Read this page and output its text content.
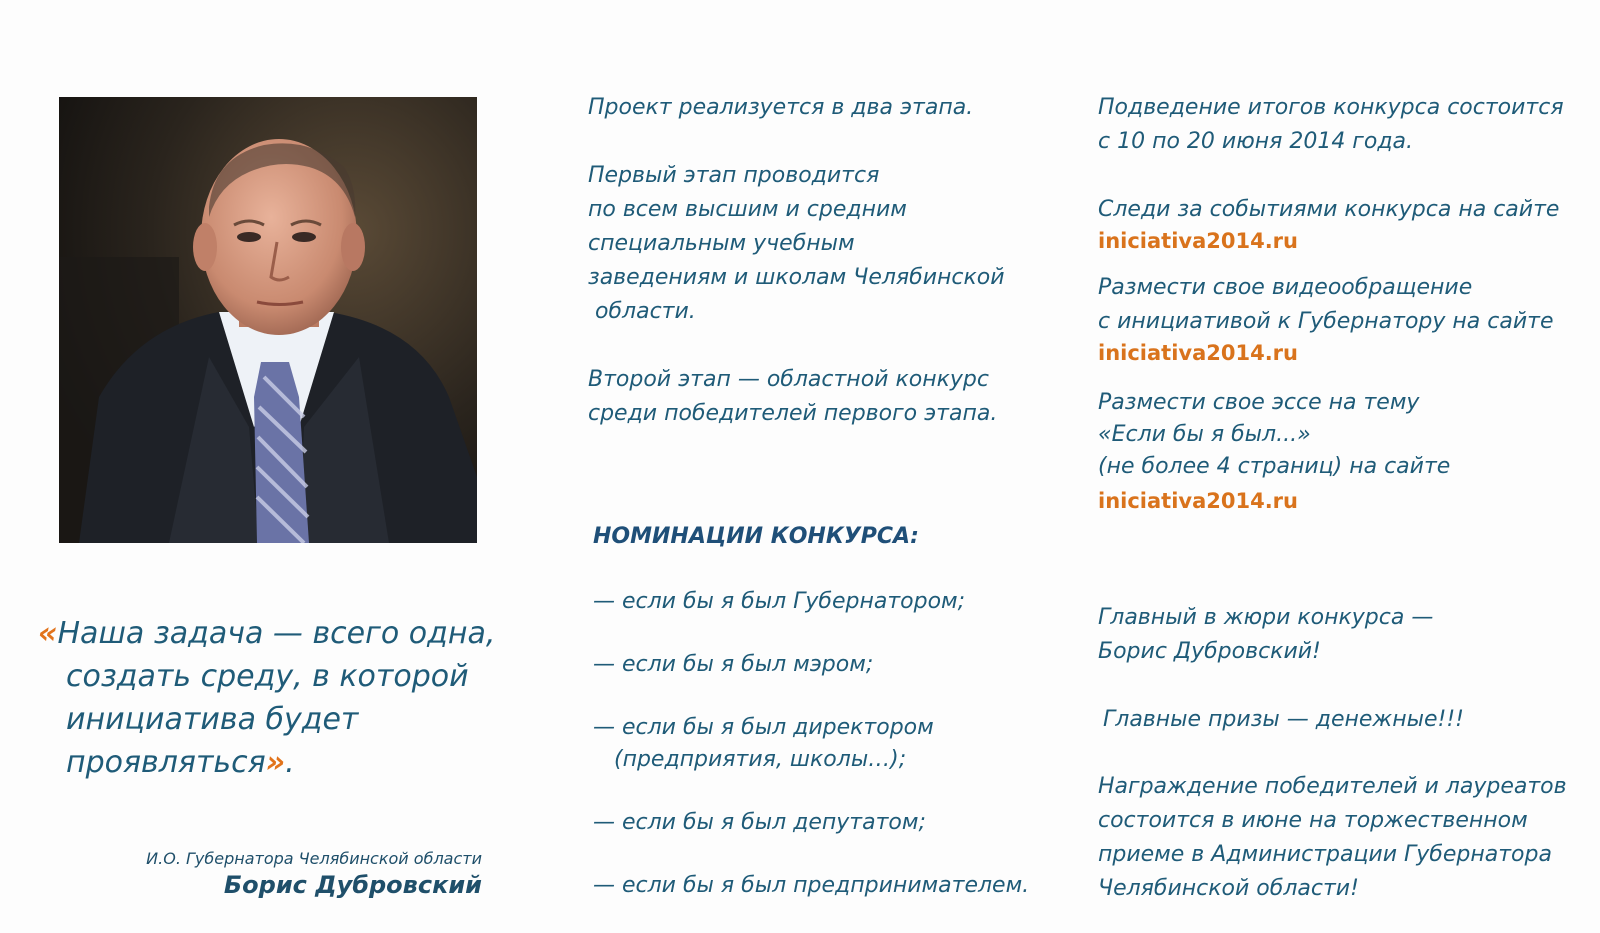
«Наша задача — всего одна,
создать среду, в которой
инициатива будет
проявляться».
И.О. Губернатора Челябинской области
Борис Дубровский

Проект реализуется в два этапа.

Первый этап проводится

по всем высшим и средним

специальным учебным

заведениям и школам Челябинской

области.

Второй этап — областной конкурс

среди победителей первого этапа.

НОМИНАЦИИ КОНКУРСА:
— если бы я был Губернатором;
— если бы я был мэром;
— если бы я был директором
(предприятия, школы…);
— если бы я был депутатом;
— если бы я был предпринимателем.
Подведение итогов конкурса состоится
с 10 по 20 июня 2014 года.
Следи за событиями конкурса на сайте
iniciativa2014.ru
Размести свое видеообращение
с инициативой к Губернатору на сайте
iniciativa2014.ru
Размести свое эссе на тему
«Если бы я был...»
(не более 4 страниц) на сайте
iniciativa2014.ru
Главный в жюри конкурса —
Борис Дубровский!
Главные призы — денежные!!!
Награждение победителей и лауреатов
состоится в июне на торжественном
приеме в Администрации Губернатора
Челябинской области!
